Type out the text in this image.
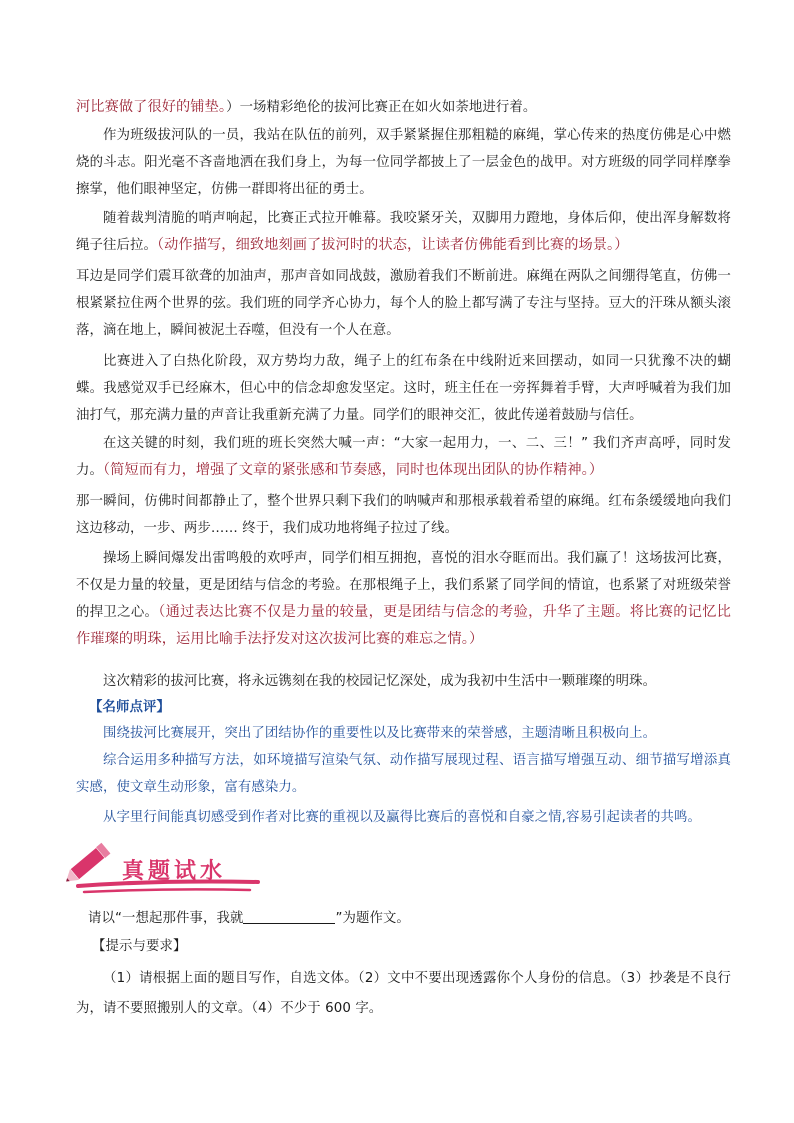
河比赛做了很好的铺垫。）一场精彩绝伦的拔河比赛正在如火如荼地进行着。

作为班级拔河队的一员，我站在队伍的前列，双手紧紧握住那粗糙的麻绳，掌心传来的热度仿佛是心中燃烧的斗志。阳光毫不吝啬地洒在我们身上，为每一位同学都披上了一层金色的战甲。对方班级的同学同样摩拳擦掌，他们眼神坚定，仿佛一群即将出征的勇士。

随着裁判清脆的哨声响起，比赛正式拉开帷幕。我咬紧牙关，双脚用力蹬地，身体后仰，使出浑身解数将绳子往后拉。（动作描写，细致地刻画了拔河时的状态，让读者仿佛能看到比赛的场景。）

耳边是同学们震耳欲聋的加油声，那声音如同战鼓，激励着我们不断前进。麻绳在两队之间绷得笔直，仿佛一根紧紧拉住两个世界的弦。我们班的同学齐心协力，每个人的脸上都写满了专注与坚持。豆大的汗珠从额头滚落，滴在地上，瞬间被泥土吞噬，但没有一个人在意。

比赛进入了白热化阶段，双方势均力敌，绳子上的红布条在中线附近来回摆动，如同一只犹豫不决的蝴蝶。我感觉双手已经麻木，但心中的信念却愈发坚定。这时，班主任在一旁挥舞着手臂，大声呼喊着为我们加油打气，那充满力量的声音让我重新充满了力量。同学们的眼神交汇，彼此传递着鼓励与信任。

在这关键的时刻，我们班的班长突然大喊一声：“大家一起用力，一、二、三！” 我们齐声高呼，同时发力。（简短而有力，增强了文章的紧张感和节奏感，同时也体现出团队的协作精神。）

那一瞬间，仿佛时间都静止了，整个世界只剩下我们的呐喊声和那根承载着希望的麻绳。红布条缓缓地向我们这边移动，一步、两步…… 终于，我们成功地将绳子拉过了线。

操场上瞬间爆发出雷鸣般的欢呼声，同学们相互拥抱，喜悦的泪水夺眶而出。我们赢了！这场拔河比赛，不仅是力量的较量，更是团结与信念的考验。在那根绳子上，我们系紧了同学间的情谊，也系紧了对班级荣誉的捍卫之心。（通过表达比赛不仅是力量的较量，更是团结与信念的考验，升华了主题。将比赛的记忆比作璀璨的明珠，运用比喻手法抒发对这次拔河比赛的难忘之情。）

这次精彩的拔河比赛，将永远镌刻在我的校园记忆深处，成为我初中生活中一颗璀璨的明珠。

【名师点评】

围绕拔河比赛展开，突出了团结协作的重要性以及比赛带来的荣誉感，主题清晰且积极向上。

综合运用多种描写方法，如环境描写渲染气氛、动作描写展现过程、语言描写增强互动、细节描写增添真实感，使文章生动形象，富有感染力。

从字里行间能真切感受到作者对比赛的重视以及赢得比赛后的喜悦和自豪之情,容易引起读者的共鸣。

真题试水

请以“一想起那件事，我就	”为题作文。

【提示与要求】

（1）请根据上面的题目写作，自选文体。（2）文中不要出现透露你个人身份的信息。（3）抄袭是不良行为，请不要照搬别人的文章。（4）不少于 600 字。
